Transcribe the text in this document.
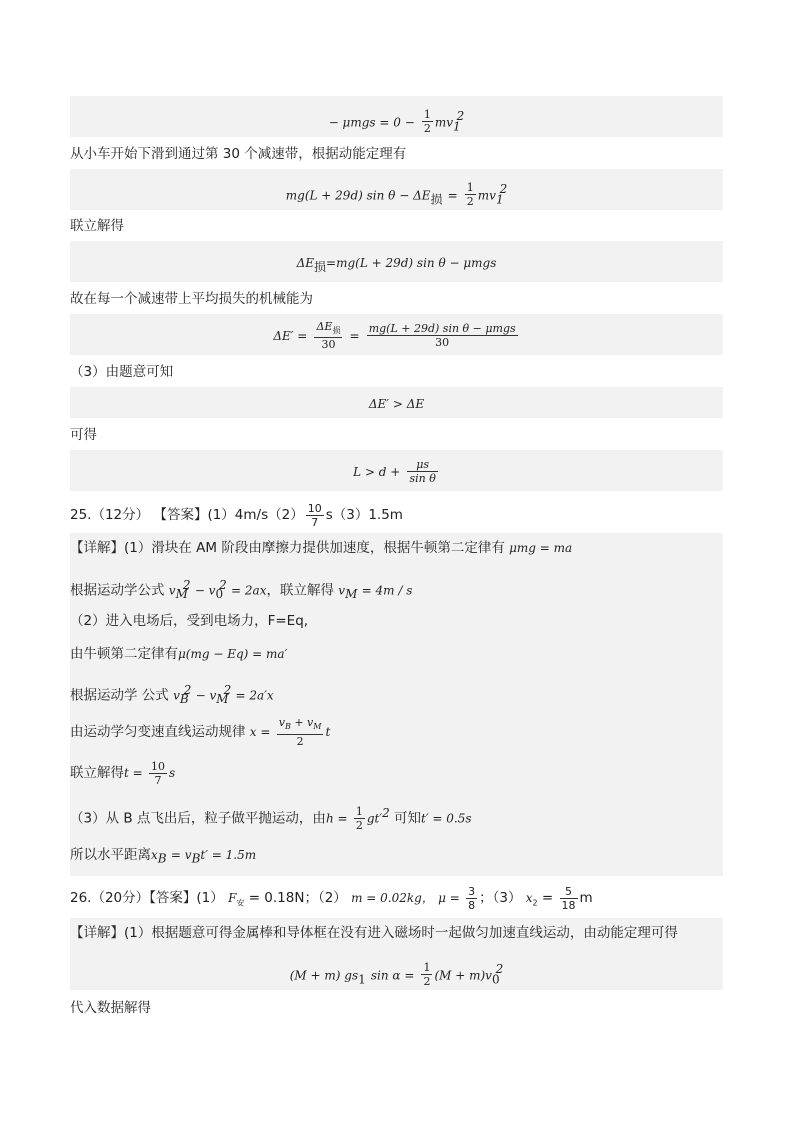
− $\mu mgs = 0 - \frac{1}{2} mv_1^2$
从小车开始下滑到通过第 30 个减速带，根据动能定理有
mg(L + 29d) $\sin \theta - \Delta E_损 = \frac{1}{2} mv_1^2$
联立解得
$\Delta E_损=mg(L + 29d)$ sin θ − μmgs
故在每一个减速带上平均损失的机械能为
$\Delta E' = \frac{\Delta E_损}{30} = \frac{\text{mg(L + 29d) sin θ − μmgs}}{30}$
（3）由题意可知
ΔE′ > ΔE
可得
$L > d + \frac{\mu s}{\text{sin θ}}$
25.（12分） 【答案】$(1)4m/s(2) \frac{10}{7} s(3)1.5m$
【详解】(1）滑块在 AM 阶段由摩擦力提供加速度，根据牛顿第二定律有 μmg = ma
根据运动学公式 $v_M^2 - v_0^2 = 2ax$，联立解得 $v_M = 4m / s$
（2）进入电场后，受到电场力，F=Eq,
由牛顿第二定律有μ(mg − Eq) = ma′
根据运动学 公式 $v_B^2 - v_M^2 = 2a'x$
由运动学匀变速直线运动规律 $x = \frac{v_B + v_M}{2}$ t
联立解得$t = \frac{10}{7}$ s
（3）从 B 点飞出后，粒子做平抛运动，由$h = \frac{1}{2} gt'^2$ 可知t′ = 0.5s
所以水平距离$x_B = v_Bt' = 1.5m$
26.（20分）【答案】(1） $F_安 = 0.18N$；（2） m = 0.02kg， $\mu = \frac{3}{8}$ ；（3） $x_2 = \frac{5}{18}$ m
【详解】(1）根据题意可得金属棒和导体框在没有进入磁场时一起做匀加速直线运动，由动能定理可得
(M + m) $gs_1$ $\sin \alpha = \frac{1}{2} (M + m)v_0^2$
代入数据解得
